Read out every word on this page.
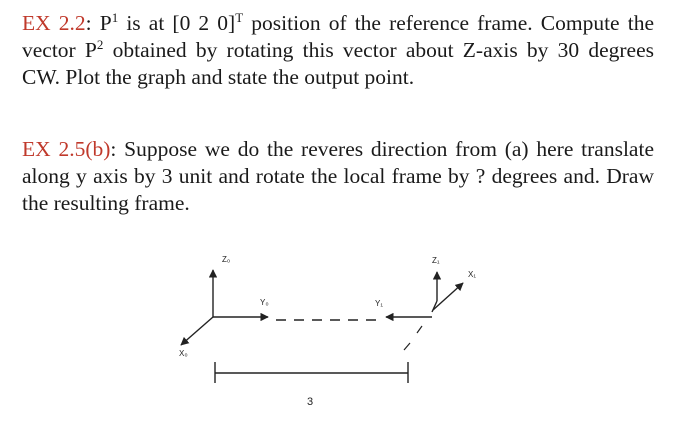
EX 2.2: $P^1$ is at [0 2 0]$^T$ position of the reference frame. Compute the vector $P^2$ obtained by rotating this vector about Z-axis by 30 degrees CW. Plot the graph and state the output point.
EX 2.5(b): Suppose we do the reveres direction from (a) here translate along y axis by 3 unit and rotate the local frame by ? degrees and. Draw the resulting frame.
Z₀
Y₀
X₀
Z₁
X₁
Y₁
3
